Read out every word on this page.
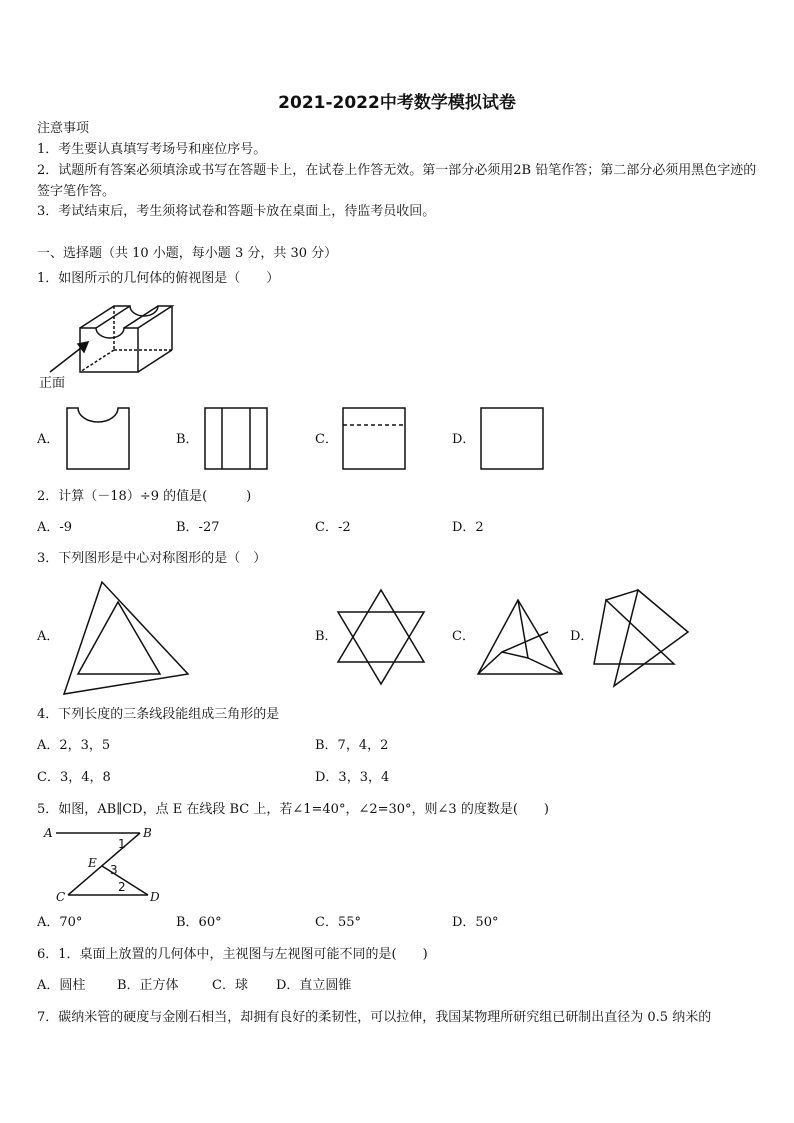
2021-2022中考数学模拟试卷
注意事项
1．考生要认真填写考场号和座位序号。
2．试题所有答案必须填涂或书写在答题卡上，在试卷上作答无效。第一部分必须用2B 铅笔作答；第二部分必须用黑色字迹的签字笔作答。
3．考试结束后，考生须将试卷和答题卡放在桌面上，待监考员收回。
一、选择题（共 10 小题，每小题 3 分，共 30 分）
1．如图所示的几何体的俯视图是（　　）
正面
A．	B．	C．	D．
2．计算（－18）÷9 的值是(　　　)
A．-9	B．-27	C．-2	D．2
3．下列图形是中心对称图形的是（　）
A．	B．	C．	D．
4．下列长度的三条线段能组成三角形的是
A．2，3，5	B．7，4，2
C．3，4，8	D．3，3，4
5．如图，AB∥CD，点 E 在线段 BC 上，若∠1=40°，∠2=30°，则∠3 的度数是(　　)
A	B
C	D
E
1
2
3
A．70°	B．60°	C．55°	D．50°
6．1．桌面上放置的几何体中，主视图与左视图可能不同的是(　　)
A．圆柱 B．正方体	C．球 D．直立圆锥
7．碳纳米管的硬度与金刚石相当，却拥有良好的柔韧性，可以拉伸，我国某物理所研究组已研制出直径为 0.5 纳米的
